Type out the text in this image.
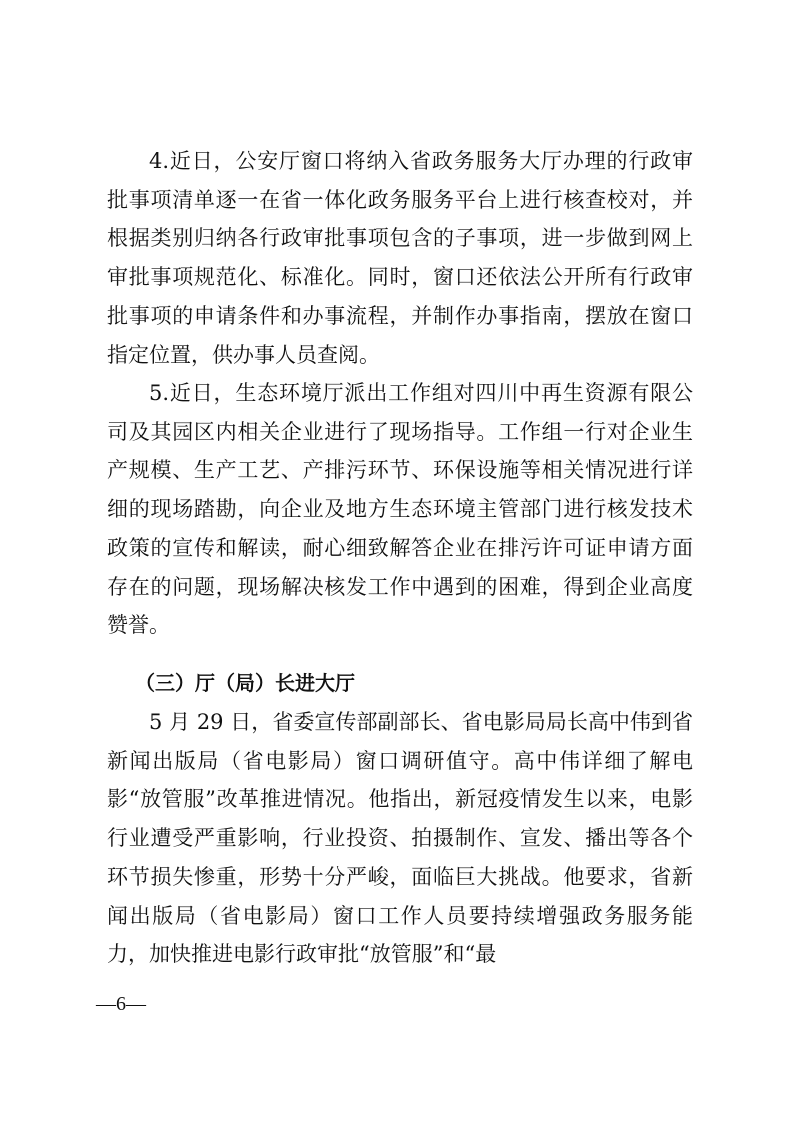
4.近日，公安厅窗口将纳入省政务服务大厅办理的行政审批事项清单逐一在省一体化政务服务平台上进行核查校对，并根据类别归纳各行政审批事项包含的子事项，进一步做到网上审批事项规范化、标准化。同时，窗口还依法公开所有行政审批事项的申请条件和办事流程，并制作办事指南，摆放在窗口指定位置，供办事人员查阅。

5.近日，生态环境厅派出工作组对四川中再生资源有限公司及其园区内相关企业进行了现场指导。工作组一行对企业生产规模、生产工艺、产排污环节、环保设施等相关情况进行详细的现场踏勘，向企业及地方生态环境主管部门进行核发技术政策的宣传和解读，耐心细致解答企业在排污许可证申请方面存在的问题，现场解决核发工作中遇到的困难，得到企业高度赞誉。

（三）厅（局）长进大厅

5 月 29 日，省委宣传部副部长、省电影局局长高中伟到省新闻出版局（省电影局）窗口调研值守。高中伟详细了解电影“放管服”改革推进情况。他指出，新冠疫情发生以来，电影行业遭受严重影响，行业投资、拍摄制作、宣发、播出等各个环节损失惨重，形势十分严峻，面临巨大挑战。他要求，省新闻出版局（省电影局）窗口工作人员要持续增强政务服务能力，加快推进电影行政审批“放管服”和“最

—6—
